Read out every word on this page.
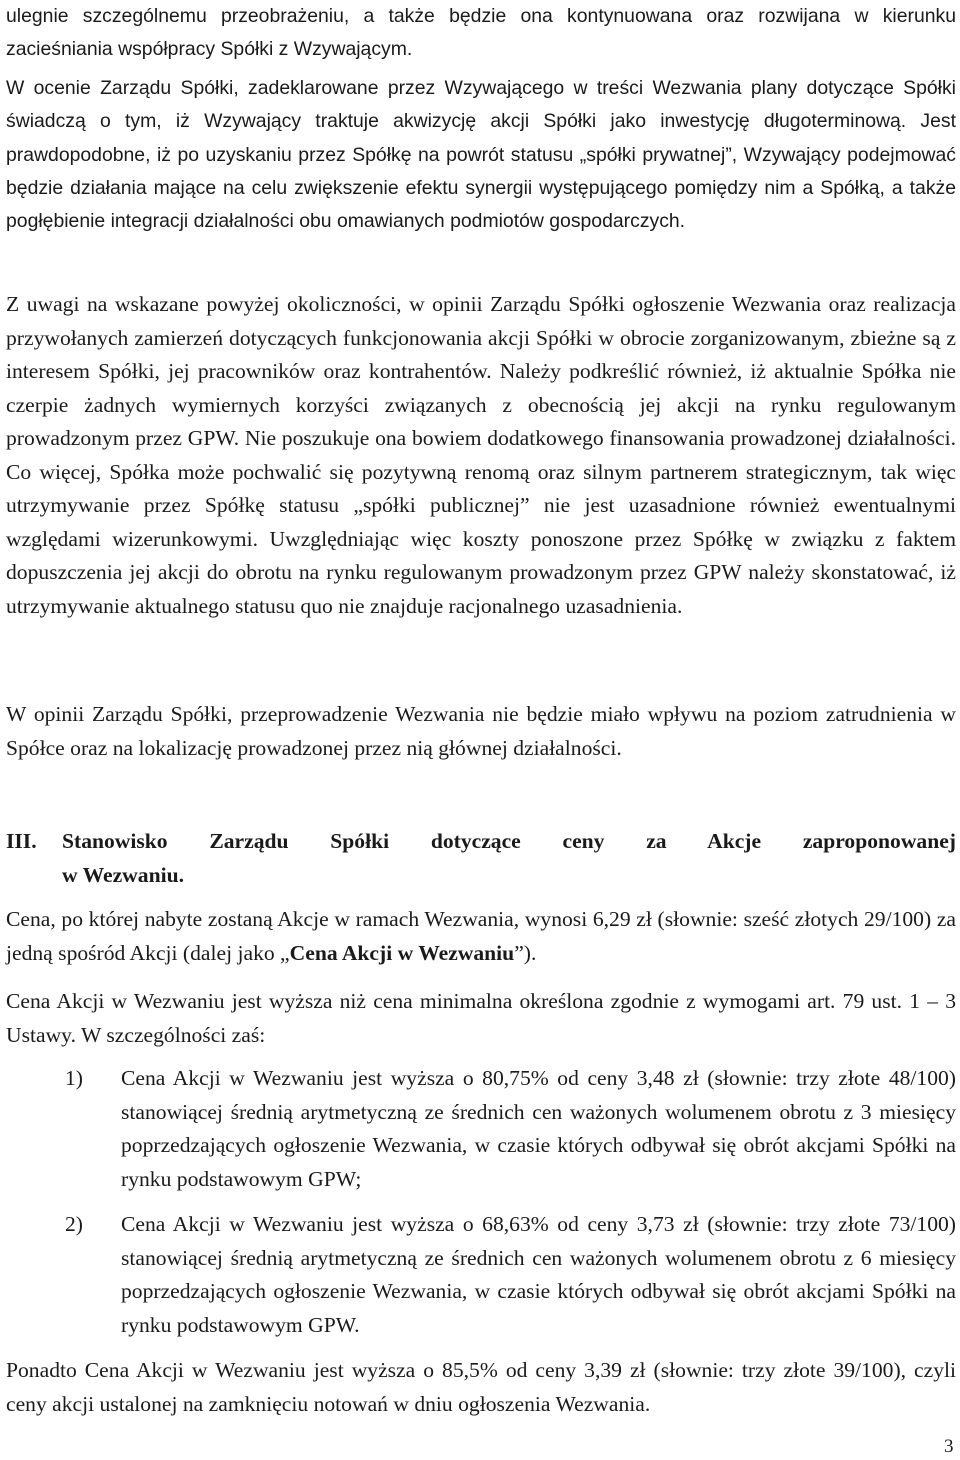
ulegnie szczególnemu przeobrażeniu, a także będzie ona kontynuowana oraz rozwijana w kierunku zacieśniania współpracy Spółki z Wzywającym.

W ocenie Zarządu Spółki, zadeklarowane przez Wzywającego w treści Wezwania plany dotyczące Spółki świadczą o tym, iż Wzywający traktuje akwizycję akcji Spółki jako inwestycję długoterminową. Jest prawdopodobne, iż po uzyskaniu przez Spółkę na powrót statusu „spółki prywatnej”, Wzywający podejmować będzie działania mające na celu zwiększenie efektu synergii występującego pomiędzy nim a Spółką, a także pogłębienie integracji działalności obu omawianych podmiotów gospodarczych.

Z uwagi na wskazane powyżej okoliczności, w opinii Zarządu Spółki ogłoszenie Wezwania oraz realizacja przywołanych zamierzeń dotyczących funkcjonowania akcji Spółki w obrocie zorganizowanym, zbieżne są z interesem Spółki, jej pracowników oraz kontrahentów. Należy podkreślić również, iż aktualnie Spółka nie czerpie żadnych wymiernych korzyści związanych z obecnością jej akcji na rynku regulowanym prowadzonym przez GPW. Nie poszukuje ona bowiem dodatkowego finansowania prowadzonej działalności. Co więcej, Spółka może pochwalić się pozytywną renomą oraz silnym partnerem strategicznym, tak więc utrzymywanie przez Spółkę statusu „spółki publicznej” nie jest uzasadnione również ewentualnymi względami wizerunkowymi. Uwzględniając więc koszty ponoszone przez Spółkę w związku z faktem dopuszczenia jej akcji do obrotu na rynku regulowanym prowadzonym przez GPW należy skonstatować, iż utrzymywanie aktualnego statusu quo nie znajduje racjonalnego uzasadnienia.

W opinii Zarządu Spółki, przeprowadzenie Wezwania nie będzie miało wpływu na poziom zatrudnienia w Spółce oraz na lokalizację prowadzonej przez nią głównej działalności.

III. Stanowisko Zarządu Spółki dotyczące ceny za Akcje zaproponowanej
w Wezwaniu.

Cena, po której nabyte zostaną Akcje w ramach Wezwania, wynosi 6,29 zł (słownie: sześć złotych 29/100) za jedną spośród Akcji (dalej jako „Cena Akcji w Wezwaniu”).

Cena Akcji w Wezwaniu jest wyższa niż cena minimalna określona zgodnie z wymogami art. 79 ust. 1 – 3 Ustawy. W szczególności zaś:

1) Cena Akcji w Wezwaniu jest wyższa o 80,75% od ceny 3,48 zł (słownie: trzy złote 48/100) stanowiącej średnią arytmetyczną ze średnich cen ważonych wolumenem obrotu z 3 miesięcy poprzedzających ogłoszenie Wezwania, w czasie których odbywał się obrót akcjami Spółki na rynku podstawowym GPW;
2) Cena Akcji w Wezwaniu jest wyższa o 68,63% od ceny 3,73 zł (słownie: trzy złote 73/100) stanowiącej średnią arytmetyczną ze średnich cen ważonych wolumenem obrotu z 6 miesięcy poprzedzających ogłoszenie Wezwania, w czasie których odbywał się obrót akcjami Spółki na rynku podstawowym GPW.

Ponadto Cena Akcji w Wezwaniu jest wyższa o 85,5% od ceny 3,39 zł (słownie: trzy złote 39/100), czyli ceny akcji ustalonej na zamknięciu notowań w dniu ogłoszenia Wezwania.

3
